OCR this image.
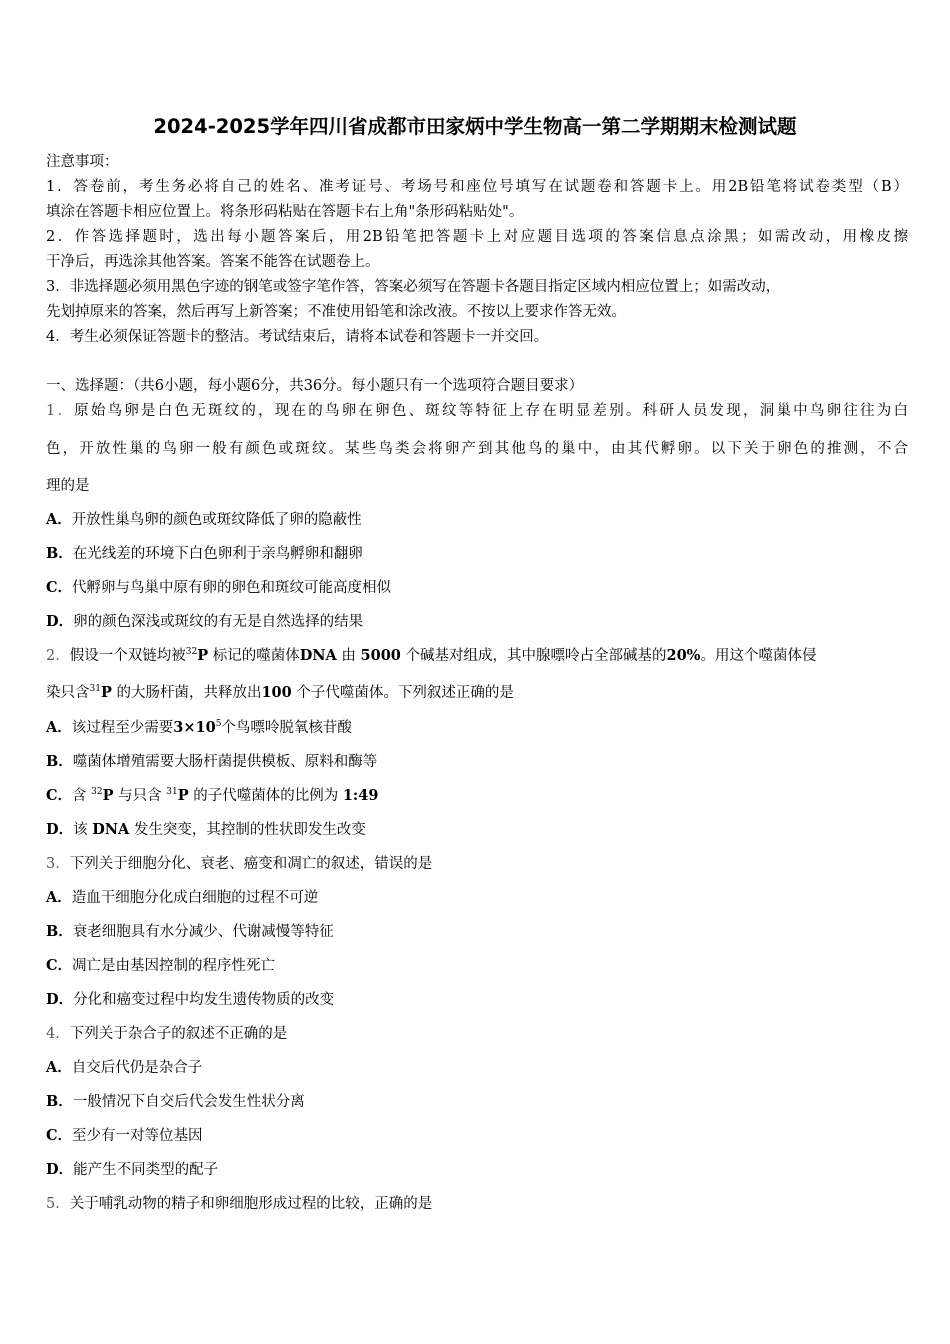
2024-2025学年四川省成都市田家炳中学生物高一第二学期期末检测试题
注意事项：
1．答卷前，考生务必将自己的姓名、准考证号、考场号和座位号填写在试题卷和答题卡上。用2B铅笔将试卷类型（B）
填涂在答题卡相应位置上。将条形码粘贴在答题卡右上角"条形码粘贴处"。
2．作答选择题时，选出每小题答案后，用2B铅笔把答题卡上对应题目选项的答案信息点涂黑；如需改动，用橡皮擦
干净后，再选涂其他答案。答案不能答在试题卷上。
3．非选择题必须用黑色字迹的钢笔或签字笔作答，答案必须写在答题卡各题目指定区域内相应位置上；如需改动，
先划掉原来的答案，然后再写上新答案；不准使用铅笔和涂改液。不按以上要求作答无效。
4．考生必须保证答题卡的整洁。考试结束后，请将本试卷和答题卡一并交回。
一、选择题：（共6小题，每小题6分，共36分。每小题只有一个选项符合题目要求）
1．原始鸟卵是白色无斑纹的，现在的鸟卵在卵色、斑纹等特征上存在明显差别。科研人员发现，洞巢中鸟卵往往为白
色，开放性巢的鸟卵一般有颜色或斑纹。某些鸟类会将卵产到其他鸟的巢中，由其代孵卵。以下关于卵色的推测，不合
理的是
A．开放性巢鸟卵的颜色或斑纹降低了卵的隐蔽性
B．在光线差的环境下白色卵利于亲鸟孵卵和翻卵
C．代孵卵与鸟巢中原有卵的卵色和斑纹可能高度相似
D．卵的颜色深浅或斑纹的有无是自然选择的结果
2．假设一个双链均被$^{32}$P 标记的噬菌体DNA 由 5000 个碱基对组成，其中腺嘌呤占全部碱基的20%。用这个噬菌体侵
染只含$^{31}$P 的大肠杆菌，共释放出100 个子代噬菌体。下列叙述正确的是
A．该过程至少需要$3\times 10^5$个鸟嘌呤脱氧核苷酸
B．噬菌体增殖需要大肠杆菌提供模板、原料和酶等
C．含 $^{32}$P 与只含 $^{31}$P 的子代噬菌体的比例为 1:49
D．该 DNA 发生突变，其控制的性状即发生改变
3．下列关于细胞分化、衰老、癌变和凋亡的叙述，错误的是
A．造血干细胞分化成白细胞的过程不可逆
B．衰老细胞具有水分减少、代谢减慢等特征
C．凋亡是由基因控制的程序性死亡
D．分化和癌变过程中均发生遗传物质的改变
4．下列关于杂合子的叙述不正确的是
A．自交后代仍是杂合子
B．一般情况下自交后代会发生性状分离
C．至少有一对等位基因
D．能产生不同类型的配子
5．关于哺乳动物的精子和卵细胞形成过程的比较，正确的是
